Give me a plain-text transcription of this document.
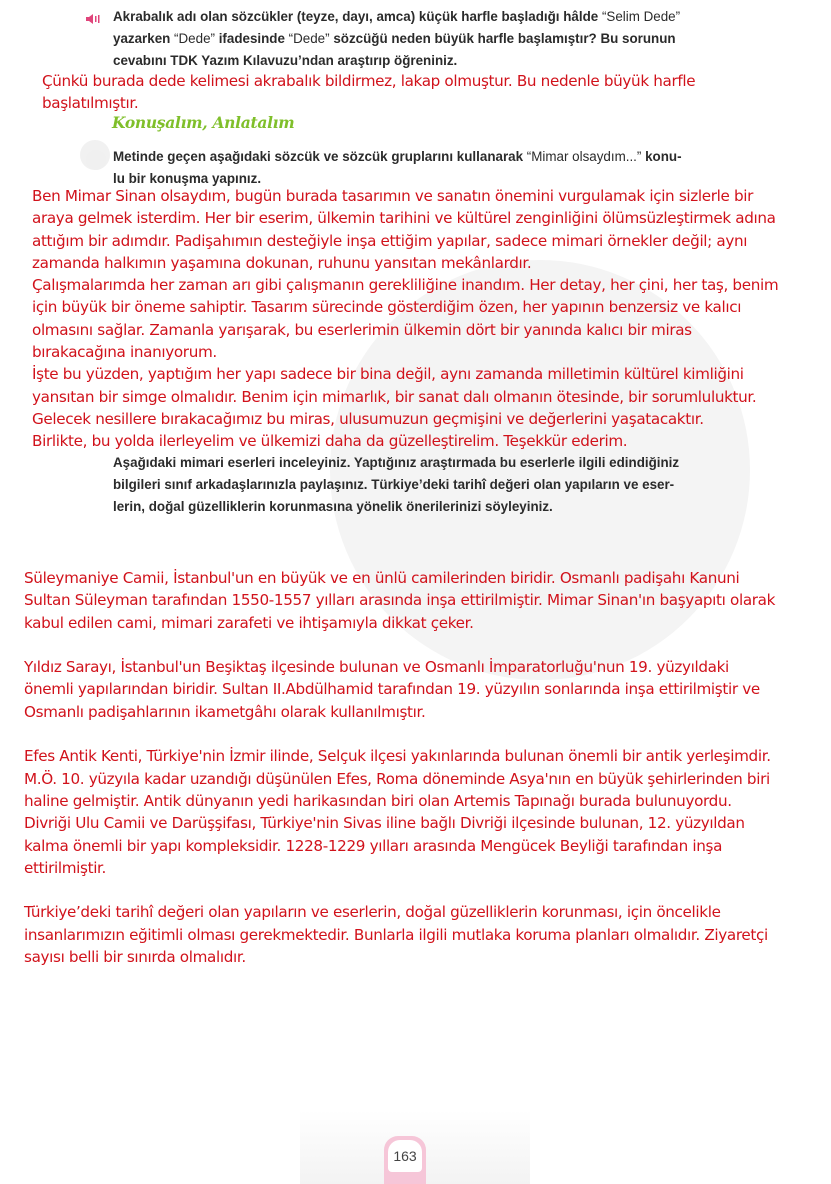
Akrabalık adı olan sözcükler (teyze, dayı, amca) küçük harfle başladığı hâlde “Selim Dede”
yazarken “Dede” ifadesinde “Dede” sözcüğü neden büyük harfle başlamıştır? Bu sorunun
cevabını TDK Yazım Kılavuzu’ndan araştırıp öğreniniz.
Çünkü burada dede kelimesi akrabalık bildirmez, lakap olmuştur. Bu nedenle büyük harfle
başlatılmıştır.
Konuşalım, Anlatalım
Metinde geçen aşağıdaki sözcük ve sözcük gruplarını kullanarak “Mimar olsaydım...” konu-
lu bir konuşma yapınız.
Ben Mimar Sinan olsaydım, bugün burada tasarımın ve sanatın önemini vurgulamak için sizlerle bir
araya gelmek isterdim. Her bir eserim, ülkemin tarihini ve kültürel zenginliğini ölümsüzleştirmek adına
attığım bir adımdır. Padişahımın desteğiyle inşa ettiğim yapılar, sadece mimari örnekler değil; aynı
zamanda halkımın yaşamına dokunan, ruhunu yansıtan mekânlardır.
Çalışmalarımda her zaman arı gibi çalışmanın gerekliliğine inandım. Her detay, her çini, her taş, benim
için büyük bir öneme sahiptir. Tasarım sürecinde gösterdiğim özen, her yapının benzersiz ve kalıcı
olmasını sağlar. Zamanla yarışarak, bu eserlerimin ülkemin dört bir yanında kalıcı bir miras
bırakacağına inanıyorum.
İşte bu yüzden, yaptığım her yapı sadece bir bina değil, aynı zamanda milletimin kültürel kimliğini
yansıtan bir simge olmalıdır. Benim için mimarlık, bir sanat dalı olmanın ötesinde, bir sorumluluktur.
Gelecek nesillere bırakacağımız bu miras, ulusumuzun geçmişini ve değerlerini yaşatacaktır.
Birlikte, bu yolda ilerleyelim ve ülkemizi daha da güzelleştirelim. Teşekkür ederim.
Aşağıdaki mimari eserleri inceleyiniz. Yaptığınız araştırmada bu eserlerle ilgili edindiğiniz
bilgileri sınıf arkadaşlarınızla paylaşınız. Türkiye’deki tarihî değeri olan yapıların ve eser-
lerin, doğal güzelliklerin korunmasına yönelik önerilerinizi söyleyiniz.
Süleymaniye Camii, İstanbul'un en büyük ve en ünlü camilerinden biridir. Osmanlı padişahı Kanuni
Sultan Süleyman tarafından 1550-1557 yılları arasında inşa ettirilmiştir. Mimar Sinan'ın başyapıtı olarak
kabul edilen cami, mimari zarafeti ve ihtişamıyla dikkat çeker.
Yıldız Sarayı, İstanbul'un Beşiktaş ilçesinde bulunan ve Osmanlı İmparatorluğu'nun 19. yüzyıldaki
önemli yapılarından biridir. Sultan II.Abdülhamid tarafından 19. yüzyılın sonlarında inşa ettirilmiştir ve
Osmanlı padişahlarının ikametgâhı olarak kullanılmıştır.
Efes Antik Kenti, Türkiye'nin İzmir ilinde, Selçuk ilçesi yakınlarında bulunan önemli bir antik yerleşimdir.
M.Ö. 10. yüzyıla kadar uzandığı düşünülen Efes, Roma döneminde Asya'nın en büyük şehirlerinden biri
haline gelmiştir. Antik dünyanın yedi harikasından biri olan Artemis Tapınağı burada bulunuyordu.
Divriği Ulu Camii ve Darüşşifası, Türkiye'nin Sivas iline bağlı Divriği ilçesinde bulunan, 12. yüzyıldan
kalma önemli bir yapı kompleksidir. 1228-1229 yılları arasında Mengücek Beyliği tarafından inşa
ettirilmiştir.
Türkiye’deki tarihî değeri olan yapıların ve eserlerin, doğal güzelliklerin korunması, için öncelikle
insanlarımızın eğitimli olması gerekmektedir. Bunlarla ilgili mutlaka koruma planları olmalıdır. Ziyaretçi
sayısı belli bir sınırda olmalıdır.
163
